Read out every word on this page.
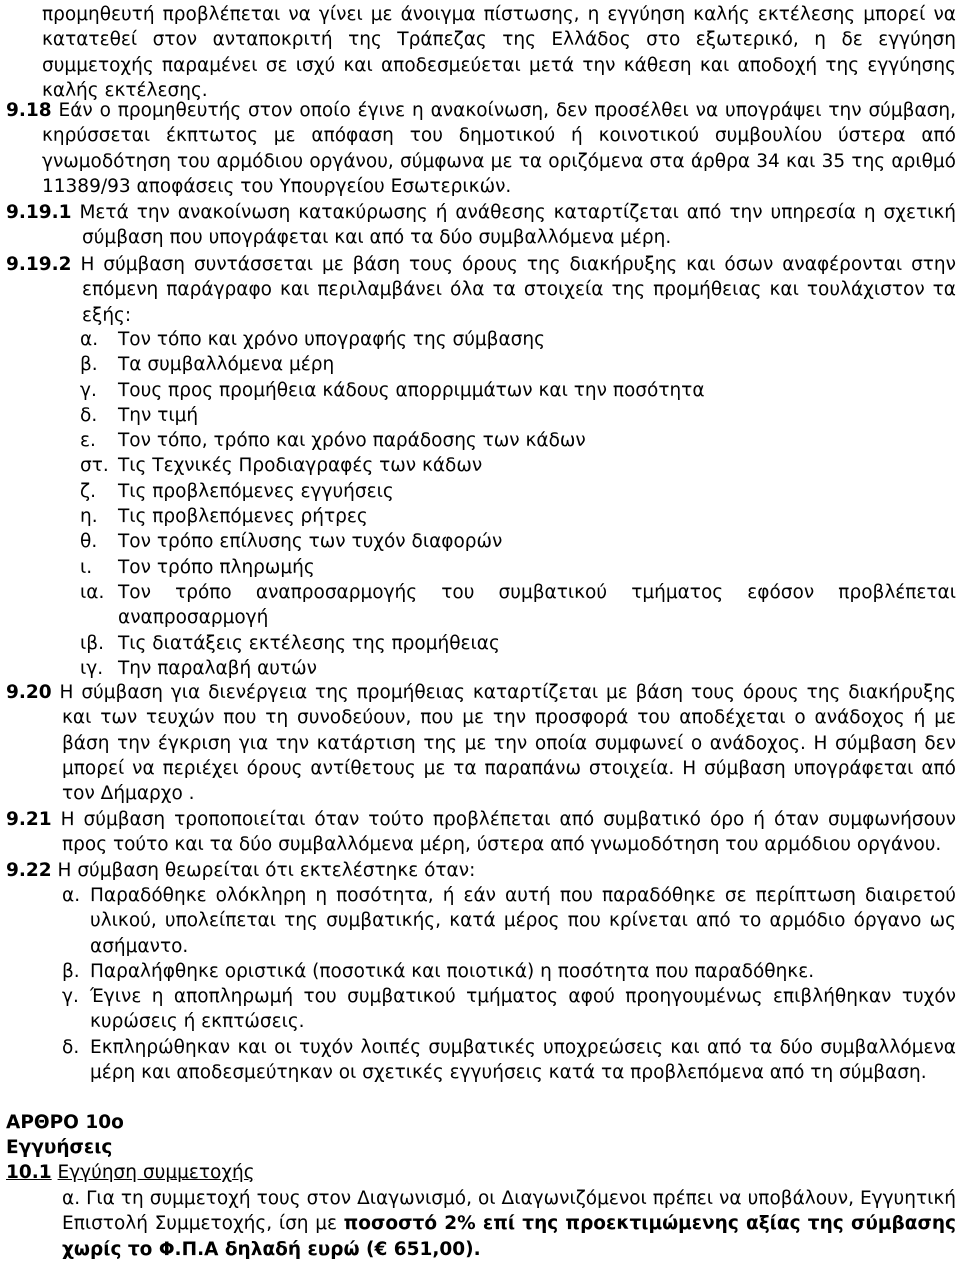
προμηθευτή προβλέπεται να γίνει με άνοιγμα πίστωσης, η εγγύηση καλής εκτέλεσης μπορεί να κατατεθεί στον ανταποκριτή της Τράπεζας της Ελλάδος στο εξωτερικό, η δε εγγύηση συμμετοχής παραμένει σε ισχύ και αποδεσμεύεται μετά την κάθεση και αποδοχή της εγγύησης καλής εκτέλεσης.
9.18 Εάν ο προμηθευτής στον οποίο έγινε η ανακοίνωση, δεν προσέλθει να υπογράψει την σύμβαση, κηρύσσεται έκπτωτος με απόφαση του δημοτικού ή κοινοτικού συμβουλίου ύστερα από γνωμοδότηση του αρμόδιου οργάνου, σύμφωνα με τα οριζόμενα στα άρθρα 34 και 35 της αριθμό 11389/93 αποφάσεις του Υπουργείου Εσωτερικών.
9.19.1 Μετά την ανακοίνωση κατακύρωσης ή ανάθεσης καταρτίζεται από την υπηρεσία η σχετική σύμβαση που υπογράφεται και από τα δύο συμβαλλόμενα μέρη.
9.19.2 Η σύμβαση συντάσσεται με βάση τους όρους της διακήρυξης και όσων αναφέρονται στην επόμενη παράγραφο και περιλαμβάνει όλα τα στοιχεία της προμήθειας και τουλάχιστον τα εξής:
α. Τον τόπο και χρόνο υπογραφής της σύμβασης
β. Τα συμβαλλόμενα μέρη
γ. Τους προς προμήθεια κάδους απορριμμάτων και την ποσότητα
δ. Την τιμή
ε. Τον τόπο, τρόπο και χρόνο παράδοσης των κάδων
στ. Τις Τεχνικές Προδιαγραφές των κάδων
ζ. Τις προβλεπόμενες εγγυήσεις
η. Τις προβλεπόμενες ρήτρες
θ. Τον τρόπο επίλυσης των τυχόν διαφορών
ι. Τον τρόπο πληρωμής
ια. Τον τρόπο αναπροσαρμογής του συμβατικού τμήματος εφόσον προβλέπεται αναπροσαρμογή
ιβ. Τις διατάξεις εκτέλεσης της προμήθειας
ιγ. Την παραλαβή αυτών
9.20 Η σύμβαση για διενέργεια της προμήθειας καταρτίζεται με βάση τους όρους της διακήρυξης και των τευχών που τη συνοδεύουν, που με την προσφορά του αποδέχεται ο ανάδοχος ή με βάση την έγκριση για την κατάρτιση της με την οποία συμφωνεί ο ανάδοχος. Η σύμβαση δεν μπορεί να περιέχει όρους αντίθετους με τα παραπάνω στοιχεία. Η σύμβαση υπογράφεται από τον Δήμαρχο .
9.21 Η σύμβαση τροποποιείται όταν τούτο προβλέπεται από συμβατικό όρο ή όταν συμφωνήσουν προς τούτο και τα δύο συμβαλλόμενα μέρη, ύστερα από γνωμοδότηση του αρμόδιου οργάνου.
9.22 Η σύμβαση θεωρείται ότι εκτελέστηκε όταν:
α. Παραδόθηκε ολόκληρη η ποσότητα, ή εάν αυτή που παραδόθηκε σε περίπτωση διαιρετού υλικού, υπολείπεται της συμβατικής, κατά μέρος που κρίνεται από το αρμόδιο όργανο ως ασήμαντο.
β. Παραλήφθηκε οριστικά (ποσοτικά και ποιοτικά) η ποσότητα που παραδόθηκε.
γ. Έγινε η αποπληρωμή του συμβατικού τμήματος αφού προηγουμένως επιβλήθηκαν τυχόν κυρώσεις ή εκπτώσεις.
δ. Εκπληρώθηκαν και οι τυχόν λοιπές συμβατικές υποχρεώσεις και από τα δύο συμβαλλόμενα μέρη και αποδεσμεύτηκαν οι σχετικές εγγυήσεις κατά τα προβλεπόμενα από τη σύμβαση.
ΑΡΘΡΟ 10ο
Εγγυήσεις
10.1 Εγγύηση συμμετοχής
α. Για τη συμμετοχή τους στον Διαγωνισμό, οι Διαγωνιζόμενοι πρέπει να υποβάλουν, Εγγυητική Επιστολή Συμμετοχής, ίση με ποσοστό 2% επί της προεκτιμώμενης αξίας της σύμβασης χωρίς το Φ.Π.Α δηλαδή ευρώ (€ 651,00).
